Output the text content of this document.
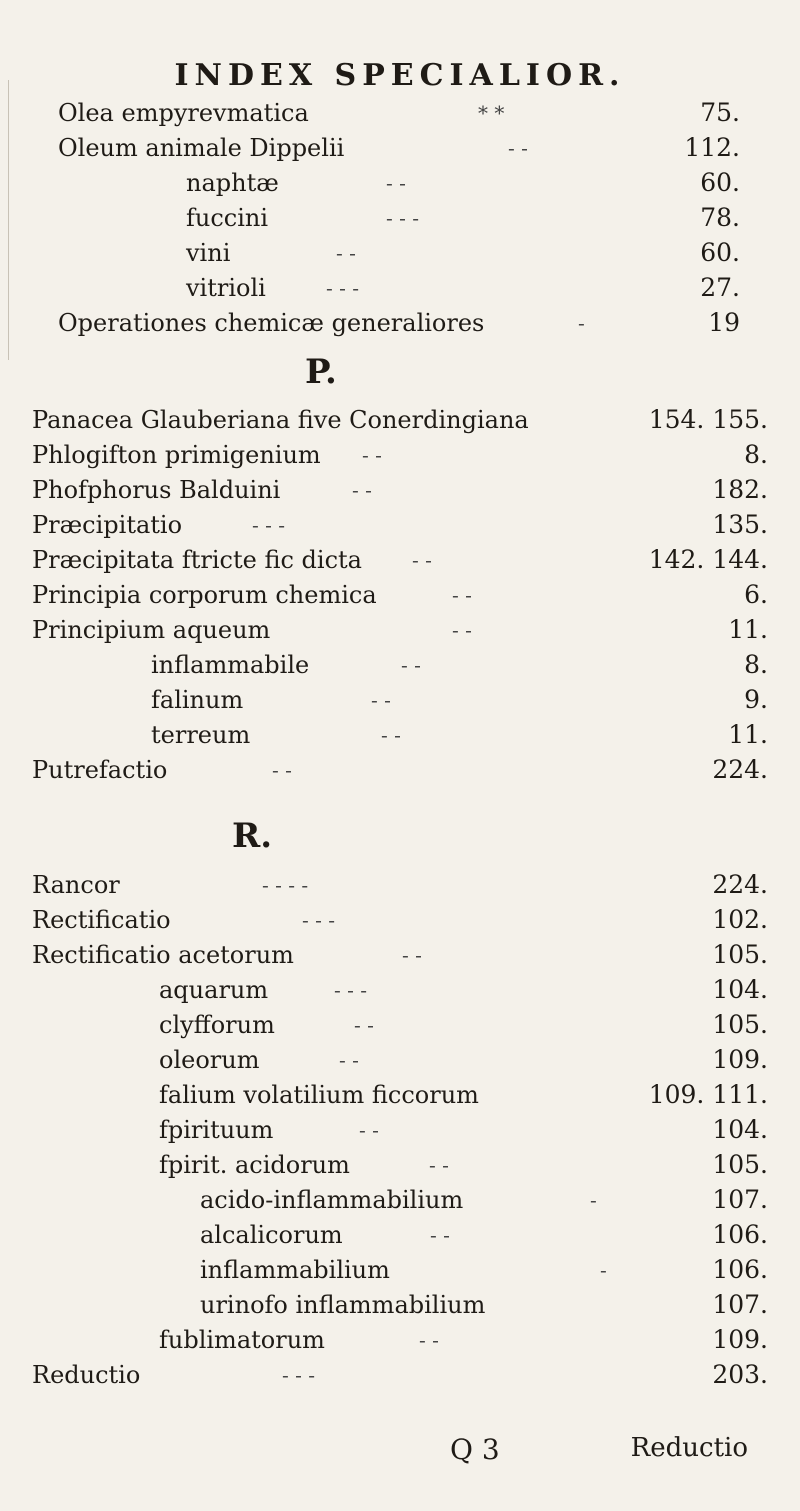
INDEX SPECIALIOR.
Olea empyrevmatica	* *	75.
Oleum animale Dippelii	- -	112.
naphtæ	- -	60.
fuccini	- - -	78.
vini	- -	60.
vitrioli	- - -	27.
Operationes chemicæ generaliores	-	19
P.
Panacea Glauberiana five Conerdingiana	154. 155.
Phlogifton primigenium - -	8.
Phofphorus Balduini	- -	182.
Præcipitatio	- - -	135.
Præcipitata ftricte fic dicta	- -	142. 144.
Principia corporum chemica	- -	6.
Principium aqueum	- -	11.
inflammabile	- -	8.
falinum	- -	9.
terreum	- -	11.
Putrefactio	- -	224.
R.
Rancor	- - - -	224.
Rectificatio	- - -	102.
Rectificatio acetorum	- -	105.
aquarum	- - -	104.
clyfforum	- -	105.
oleorum	- -	109.
falium volatilium ficcorum	109. 111.
fpirituum	- -	104.
fpirit. acidorum	- -	105.
acido-inflammabilium	-	107.
alcalicorum	- -	106.
inflammabilium	-	106.
urinofo inflammabilium	107.
fublimatorum	- -	109.
Reductio	- - -	203.
Q 3	Reductio
